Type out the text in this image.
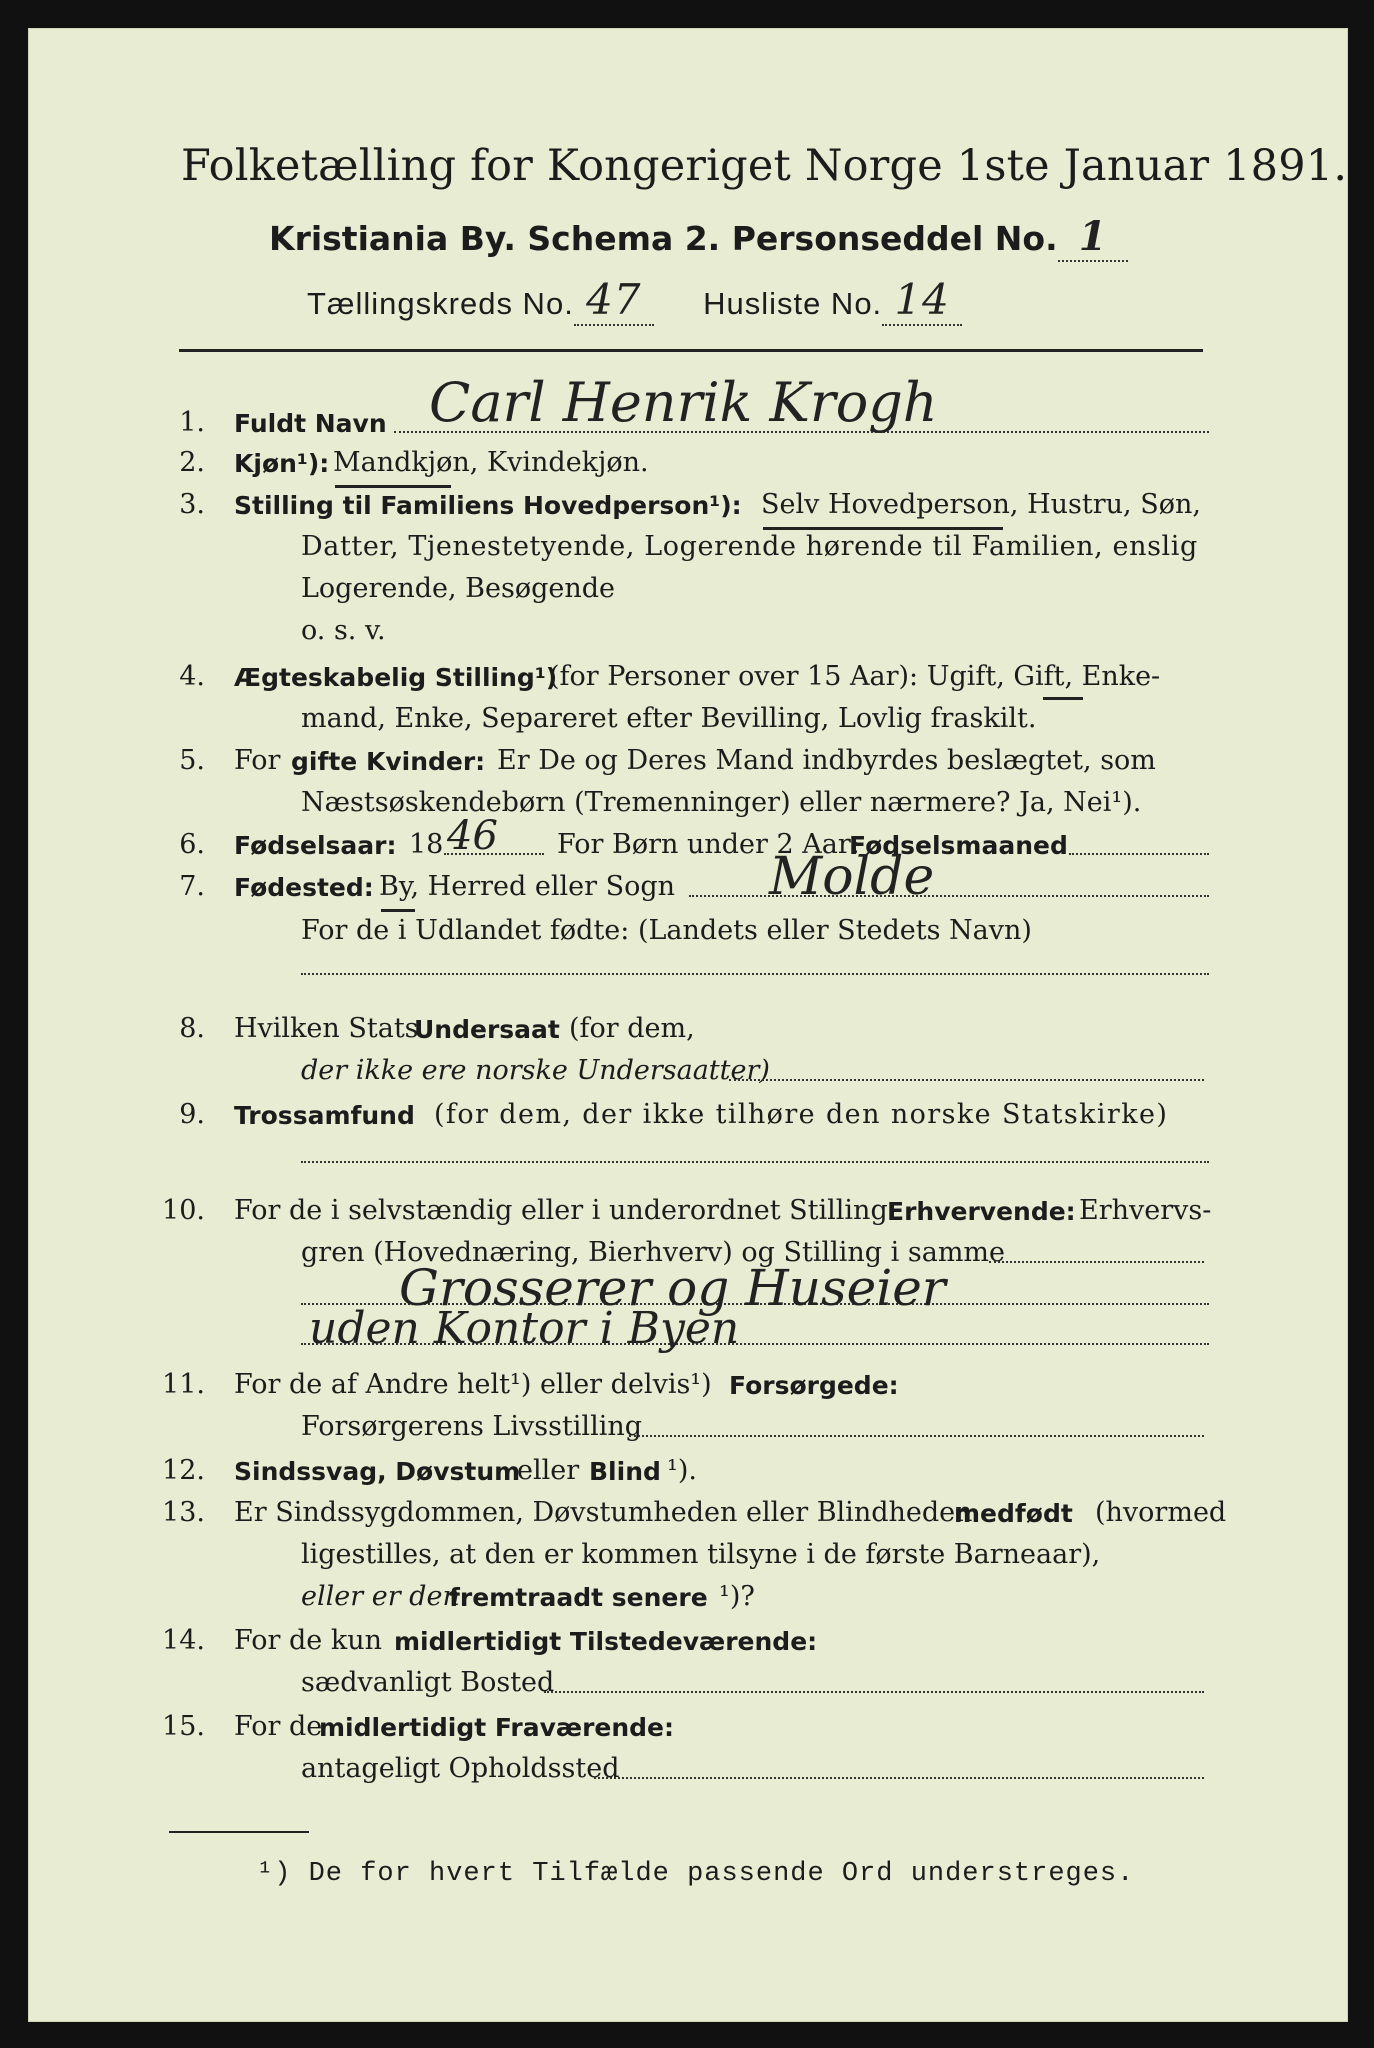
Folketælling for Kongeriget Norge 1ste Januar 1891.
Kristiania By. Schema 2. Personseddel No. 1
Tællingskreds No. 47 Husliste No. 14
1. Fuldt Navn Carl Henrik Krogh
2. Kjøn¹): Mandkjøn, Kvindekjøn.
3. Stilling til Familiens Hovedperson¹): Selv Hovedperson, Hustru, Søn,
Datter, Tjenestetyende, Logerende hørende til Familien, enslig
Logerende, Besøgende
o. s. v.
4. Ægteskabelig Stilling¹)
(for Personer over 15 Aar): Ugift, Gift, Enke-
mand, Enke, Separeret efter Bevilling, Lovlig fraskilt.
5. For gifte Kvinder: Er De og Deres Mand indbyrdes beslægtet, som
Næstsøskendebørn (Tremenninger) eller nærmere? Ja, Nei¹).
6. Fødselsaar: 18 46 For Børn under 2 Aar:
Fødselsmaaned
7. Fødested: By, Herred eller Sogn Molde
For de i Udlandet fødte: (Landets eller Stedets Navn)
8. Hvilken Stats
Undersaat (for dem,
der ikke ere norske Undersaatter)
9. Trossamfund (for dem, der ikke tilhøre den norske Statskirke)
10. For de i selvstændig eller i underordnet Stilling Erhvervende: Erhvervs-
gren (Hovednæring, Bierhverv) og Stilling i samme
Grosserer og Huseier
uden Kontor i Byen
11. For de af Andre helt¹) eller delvis¹) Forsørgede:
Forsørgerens Livsstilling
12. Sindssvag, Døvstum
eller Blind ¹).
13. Er Sindssygdommen, Døvstumheden eller Blindheden
medfødt (hvormed
ligestilles, at den er kommen tilsyne i de første Barneaar),
eller er den
fremtraadt senere ¹)?
14. For de kun midlertidigt Tilstedeværende:
sædvanligt Bosted
15. For de
midlertidigt Fraværende:
antageligt Opholdssted
¹) De for hvert Tilfælde passende Ord understreges.
